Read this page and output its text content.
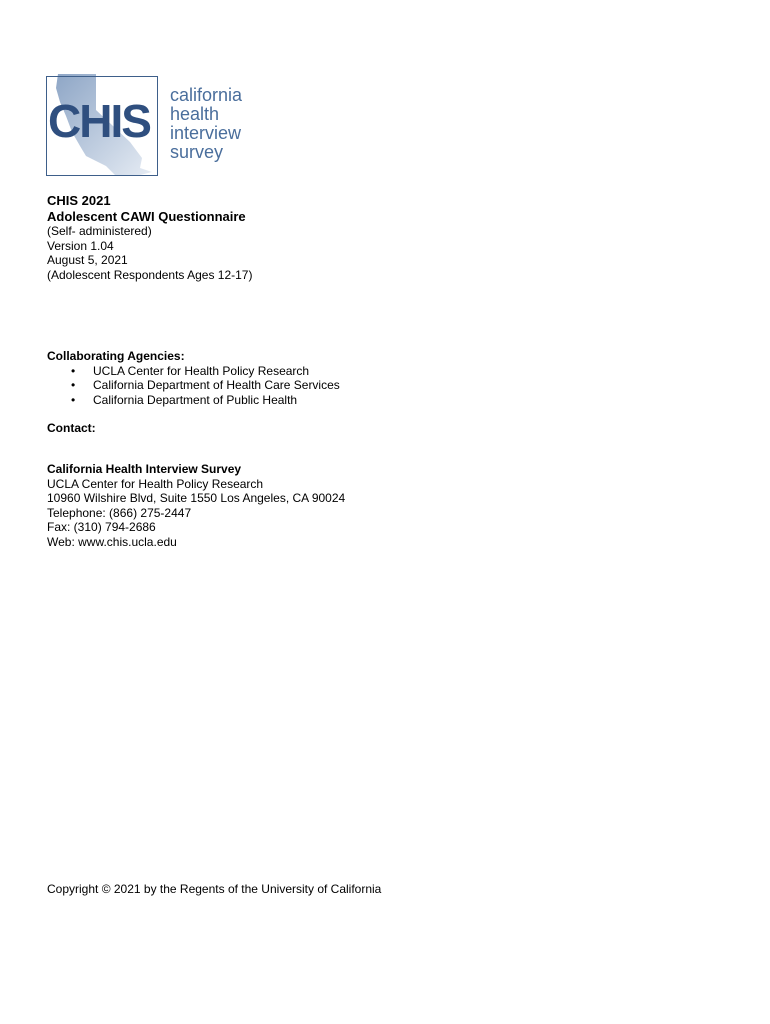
CHIS california
health
interview
survey
CHIS 2021
Adolescent CAWI Questionnaire
(Self- administered)
Version 1.04
August 5, 2021
(Adolescent Respondents Ages 12-17)
Collaborating Agencies:
• UCLA Center for Health Policy Research
• California Department of Health Care Services
• California Department of Public Health
Contact:
California Health Interview Survey
UCLA Center for Health Policy Research
10960 Wilshire Blvd, Suite 1550 Los Angeles, CA 90024
Telephone: (866) 275-2447
Fax: (310) 794-2686
Web: www.chis.ucla.edu
Copyright © 2021 by the Regents of the University of California
